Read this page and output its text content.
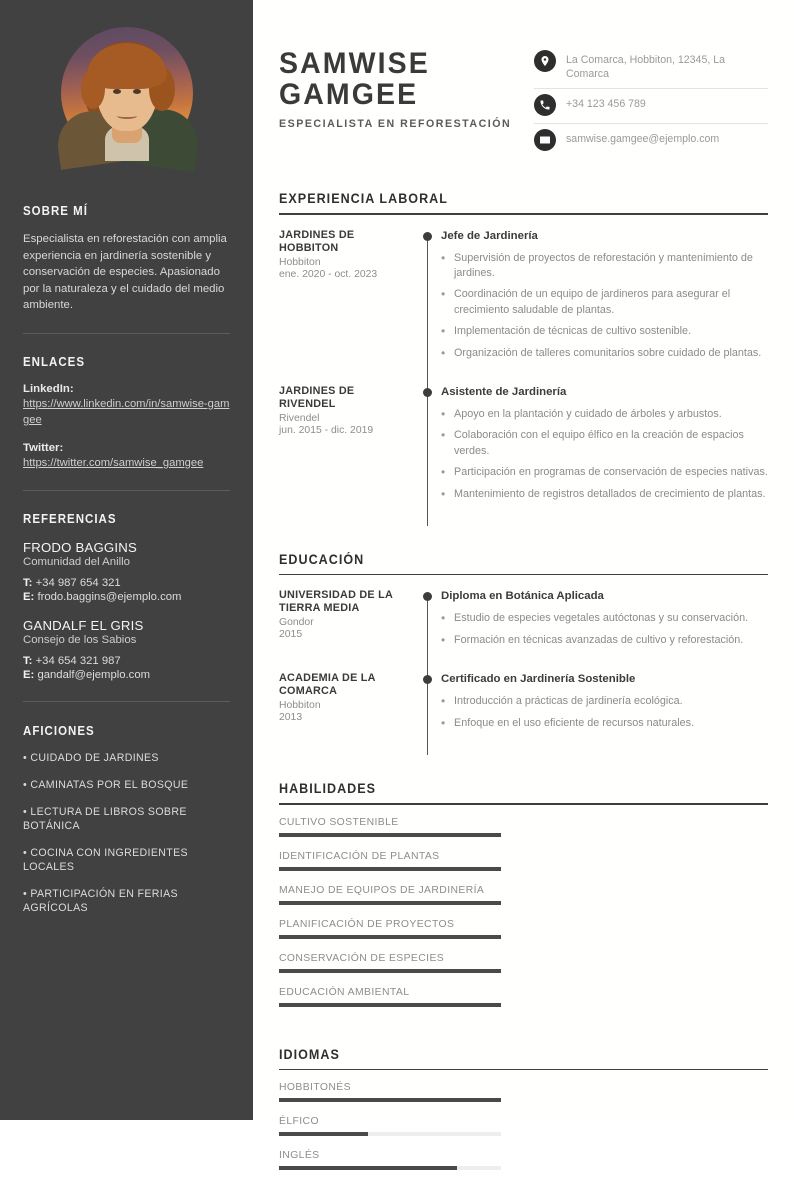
SOBRE MÍ

Especialista en reforestación con amplia experiencia en jardinería sostenible y conservación de especies. Apasionado por la naturaleza y el cuidado del medio ambiente.

ENLACES
LinkedIn:
https://www.linkedin.com/in/samwise-gamgee
Twitter:
https://twitter.com/samwise_gamgee
REFERENCIAS
FRODO BAGGINS
Comunidad del Anillo
T: +34 987 654 321
E: frodo.baggins@ejemplo.com
GANDALF EL GRIS
Consejo de los Sabios
T: +34 654 321 987
E: gandalf@ejemplo.com
AFICIONES
• CUIDADO DE JARDINES
• CAMINATAS POR EL BOSQUE
• LECTURA DE LIBROS SOBRE BOTÁNICA
• COCINA CON INGREDIENTES LOCALES
• PARTICIPACIÓN EN FERIAS AGRÍCOLAS
SAMWISE
GAMGEE
ESPECIALISTA EN REFORESTACIÓN
La Comarca, Hobbiton, 12345, La Comarca
+34 123 456 789
samwise.gamgee@ejemplo.com
EXPERIENCIA LABORAL
JARDINES DE HOBBITON
Hobbiton
ene. 2020 - oct. 2023
Jefe de Jardinería
• Supervisión de proyectos de reforestación y mantenimiento de jardines.
• Coordinación de un equipo de jardineros para asegurar el crecimiento saludable de plantas.
• Implementación de técnicas de cultivo sostenible.
• Organización de talleres comunitarios sobre cuidado de plantas.
JARDINES DE RIVENDEL
Rivendel
jun. 2015 - dic. 2019
Asistente de Jardinería
• Apoyo en la plantación y cuidado de árboles y arbustos.
• Colaboración con el equipo élfico en la creación de espacios verdes.
• Participación en programas de conservación de especies nativas.
• Mantenimiento de registros detallados de crecimiento de plantas.
EDUCACIÓN
UNIVERSIDAD DE LA TIERRA MEDIA
Gondor
2015
Diploma en Botánica Aplicada
• Estudio de especies vegetales autóctonas y su conservación.
• Formación en técnicas avanzadas de cultivo y reforestación.
ACADEMIA DE LA COMARCA
Hobbiton
2013
Certificado en Jardinería Sostenible
• Introducción a prácticas de jardinería ecológica.
• Enfoque en el uso eficiente de recursos naturales.
HABILIDADES
CULTIVO SOSTENIBLE
IDENTIFICACIÓN DE PLANTAS
MANEJO DE EQUIPOS DE JARDINERÍA
PLANIFICACIÓN DE PROYECTOS
CONSERVACIÓN DE ESPECIES
EDUCACIÓN AMBIENTAL
IDIOMAS
HOBBITONÉS
ÉLFICO
INGLÉS
